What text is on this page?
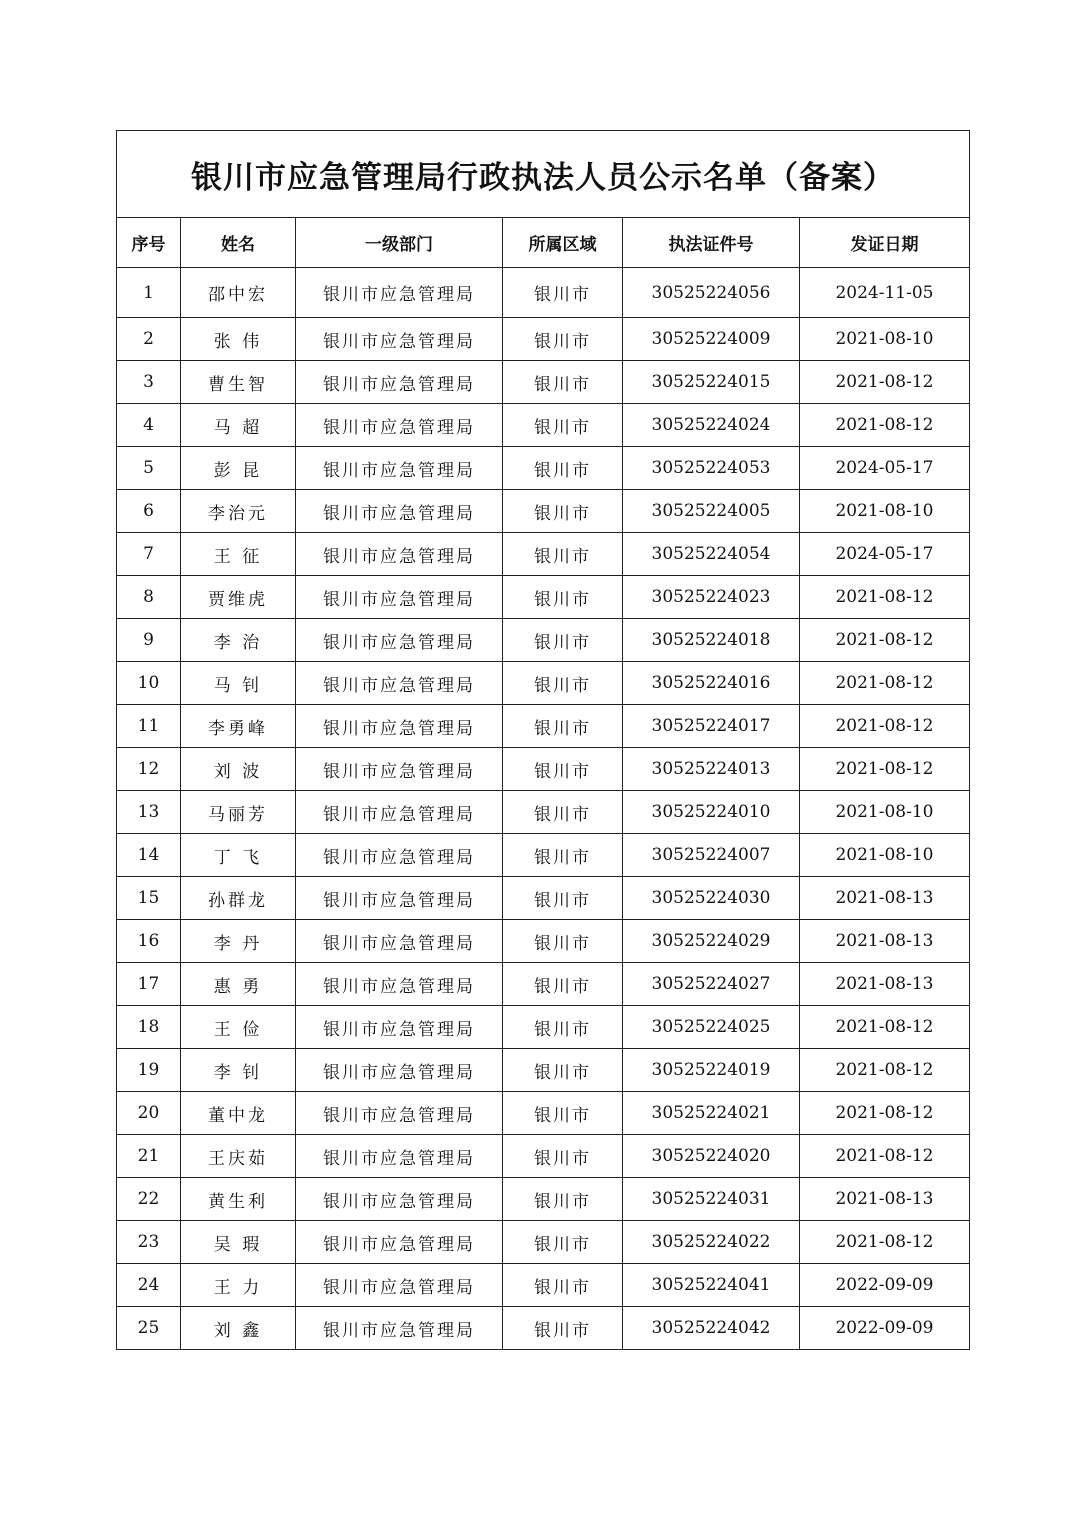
银川市应急管理局行政执法人员公示名单（备案）					
序号	姓名	一级部门	所属区域	执法证件号	发证日期
1	邵中宏	银川市应急管理局	银川市	30525224056	2024-11-05
2	张 伟	银川市应急管理局	银川市	30525224009	2021-08-10
3	曹生智	银川市应急管理局	银川市	30525224015	2021-08-12
4	马 超	银川市应急管理局	银川市	30525224024	2021-08-12
5	彭 昆	银川市应急管理局	银川市	30525224053	2024-05-17
6	李治元	银川市应急管理局	银川市	30525224005	2021-08-10
7	王 征	银川市应急管理局	银川市	30525224054	2024-05-17
8	贾维虎	银川市应急管理局	银川市	30525224023	2021-08-12
9	李 治	银川市应急管理局	银川市	30525224018	2021-08-12
10	马 钊	银川市应急管理局	银川市	30525224016	2021-08-12
11	李勇峰	银川市应急管理局	银川市	30525224017	2021-08-12
12	刘 波	银川市应急管理局	银川市	30525224013	2021-08-12
13	马丽芳	银川市应急管理局	银川市	30525224010	2021-08-10
14	丁 飞	银川市应急管理局	银川市	30525224007	2021-08-10
15	孙群龙	银川市应急管理局	银川市	30525224030	2021-08-13
16	李 丹	银川市应急管理局	银川市	30525224029	2021-08-13
17	惠 勇	银川市应急管理局	银川市	30525224027	2021-08-13
18	王 俭	银川市应急管理局	银川市	30525224025	2021-08-12
19	李 钊	银川市应急管理局	银川市	30525224019	2021-08-12
20	董中龙	银川市应急管理局	银川市	30525224021	2021-08-12
21	王庆茹	银川市应急管理局	银川市	30525224020	2021-08-12
22	黄生利	银川市应急管理局	银川市	30525224031	2021-08-13
23	吴 瑕	银川市应急管理局	银川市	30525224022	2021-08-12
24	王 力	银川市应急管理局	银川市	30525224041	2022-09-09
25	刘 鑫	银川市应急管理局	银川市	30525224042	2022-09-09
